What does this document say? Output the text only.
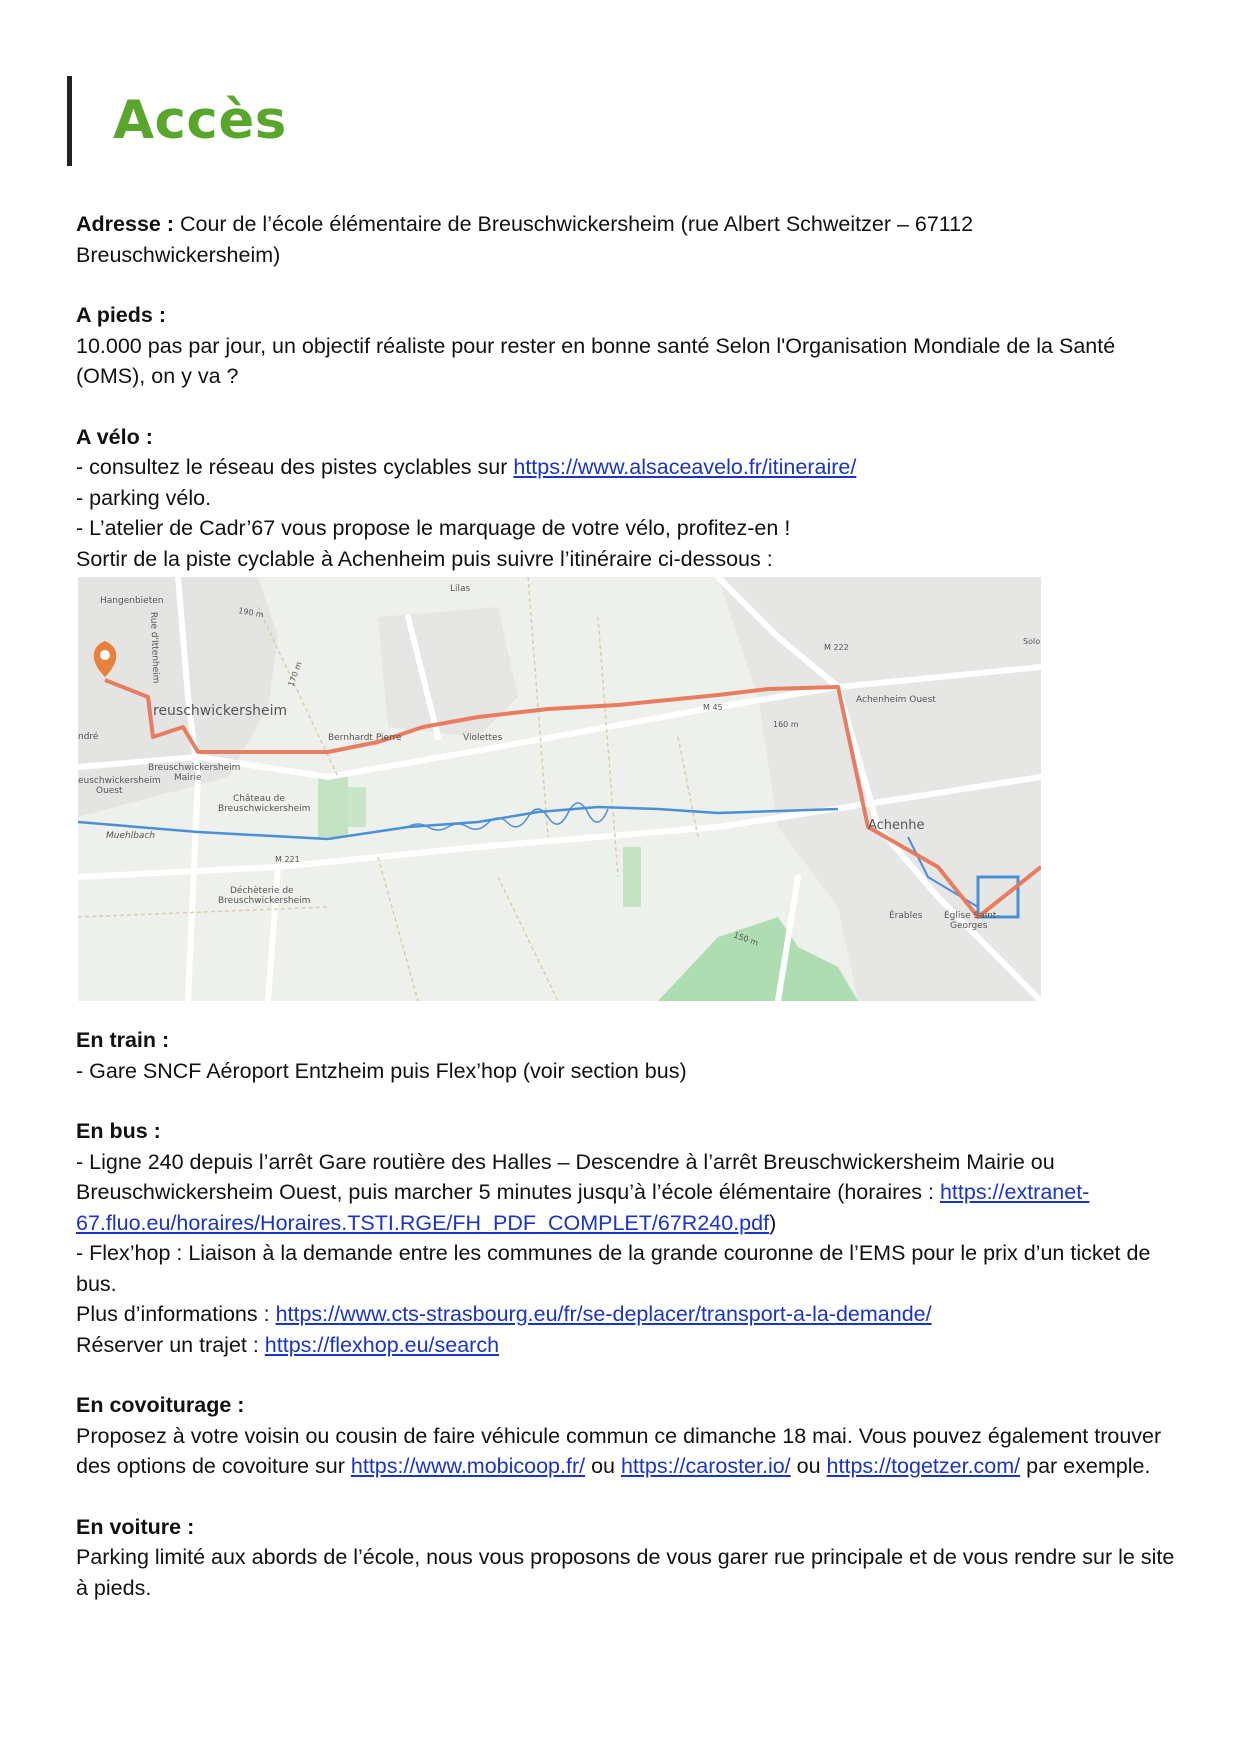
Accès

Adresse : Cour de l’école élémentaire de Breuschwickersheim (rue Albert Schweitzer – 67112 Breuschwickersheim)

A pieds :

10.000 pas par jour, un objectif réaliste pour rester en bonne santé Selon l'Organisation Mondiale de la Santé (OMS), on y va ?

A vélo :

- consultez le réseau des pistes cyclables sur https://www.alsaceavelo.fr/itineraire/

- parking vélo.

- L’atelier de Cadr’67 vous propose le marquage de votre vélo, profitez-en !

Sortir de la piste cyclable à Achenheim puis suivre l’itinéraire ci-dessous :

Hangenbieten
Rue d'Ittenheim
reuschwickersheim
ndré
Breuschwickersheim
Mairie
euschwickersheim
Ouest
Château de
Breuschwickersheim
Bernhardt Pierre	Violettes
Lilas
Muehlbach
M 221
M 222
M 45
Déchèterie de
Breuschwickersheim
Achenheim Ouest
Achenhe
Église Saint-
Georges
Érables
Solo
190 m
170 m
160 m
150 m

En train :

- Gare SNCF Aéroport Entzheim puis Flex’hop (voir section bus)

En bus :

- Ligne 240 depuis l’arrêt Gare routière des Halles – Descendre à l’arrêt Breuschwickersheim Mairie ou Breuschwickersheim Ouest, puis marcher 5 minutes jusqu’à l’école élémentaire (horaires : https://extranet-67.fluo.eu/horaires/Horaires.TSTI.RGE/FH_PDF_COMPLET/67R240.pdf)

- Flex’hop : Liaison à la demande entre les communes de la grande couronne de l’EMS pour le prix d’un ticket de bus.

Plus d’informations : https://www.cts-strasbourg.eu/fr/se-deplacer/transport-a-la-demande/

Réserver un trajet : https://flexhop.eu/search

En covoiturage :

Proposez à votre voisin ou cousin de faire véhicule commun ce dimanche 18 mai. Vous pouvez également trouver des options de covoiture sur https://www.mobicoop.fr/ ou https://caroster.io/ ou https://togetzer.com/ par exemple.

En voiture :

Parking limité aux abords de l’école, nous vous proposons de vous garer rue principale et de vous rendre sur le site à pieds.
